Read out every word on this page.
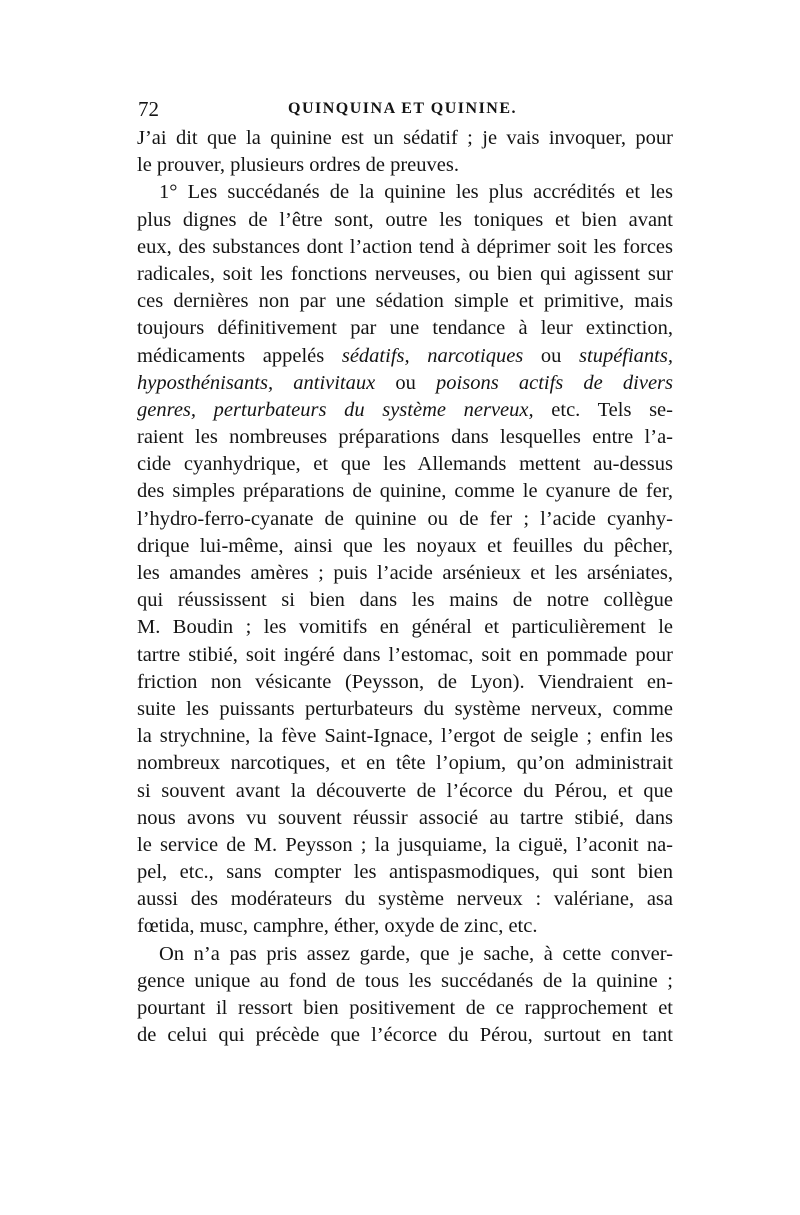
72	QUINQUINA ET QUININE.
J’ai dit que la quinine est un sédatif ; je vais invoquer, pour
le prouver, plusieurs ordres de preuves.
1° Les succédanés de la quinine les plus accrédités et les
plus dignes de l’être sont, outre les toniques et bien avant
eux, des substances dont l’action tend à déprimer soit les forces
radicales, soit les fonctions nerveuses, ou bien qui agissent sur
ces dernières non par une sédation simple et primitive, mais
toujours définitivement par une tendance à leur extinction,
médicaments appelés sédatifs, narcotiques ou stupéfiants,
hyposthénisants, antivitaux ou poisons actifs de divers
genres, perturbateurs du système nerveux, etc. Tels se-
raient les nombreuses préparations dans lesquelles entre l’a-
cide cyanhydrique, et que les Allemands mettent au-dessus
des simples préparations de quinine, comme le cyanure de fer,
l’hydro-ferro-cyanate de quinine ou de fer ; l’acide cyanhy-
drique lui-même, ainsi que les noyaux et feuilles du pêcher,
les amandes amères ; puis l’acide arsénieux et les arséniates,
qui réussissent si bien dans les mains de notre collègue
M. Boudin ; les vomitifs en général et particulièrement le
tartre stibié, soit ingéré dans l’estomac, soit en pommade pour
friction non vésicante (Peysson, de Lyon). Viendraient en-
suite les puissants perturbateurs du système nerveux, comme
la strychnine, la fève Saint-Ignace, l’ergot de seigle ; enfin les
nombreux narcotiques, et en tête l’opium, qu’on administrait
si souvent avant la découverte de l’écorce du Pérou, et que
nous avons vu souvent réussir associé au tartre stibié, dans
le service de M. Peysson ; la jusquiame, la ciguë, l’aconit na-
pel, etc., sans compter les antispasmodiques, qui sont bien
aussi des modérateurs du système nerveux : valériane, asa
fœtida, musc, camphre, éther, oxyde de zinc, etc.
On n’a pas pris assez garde, que je sache, à cette conver-
gence unique au fond de tous les succédanés de la quinine ;
pourtant il ressort bien positivement de ce rapprochement et
de celui qui précède que l’écorce du Pérou, surtout en tant
